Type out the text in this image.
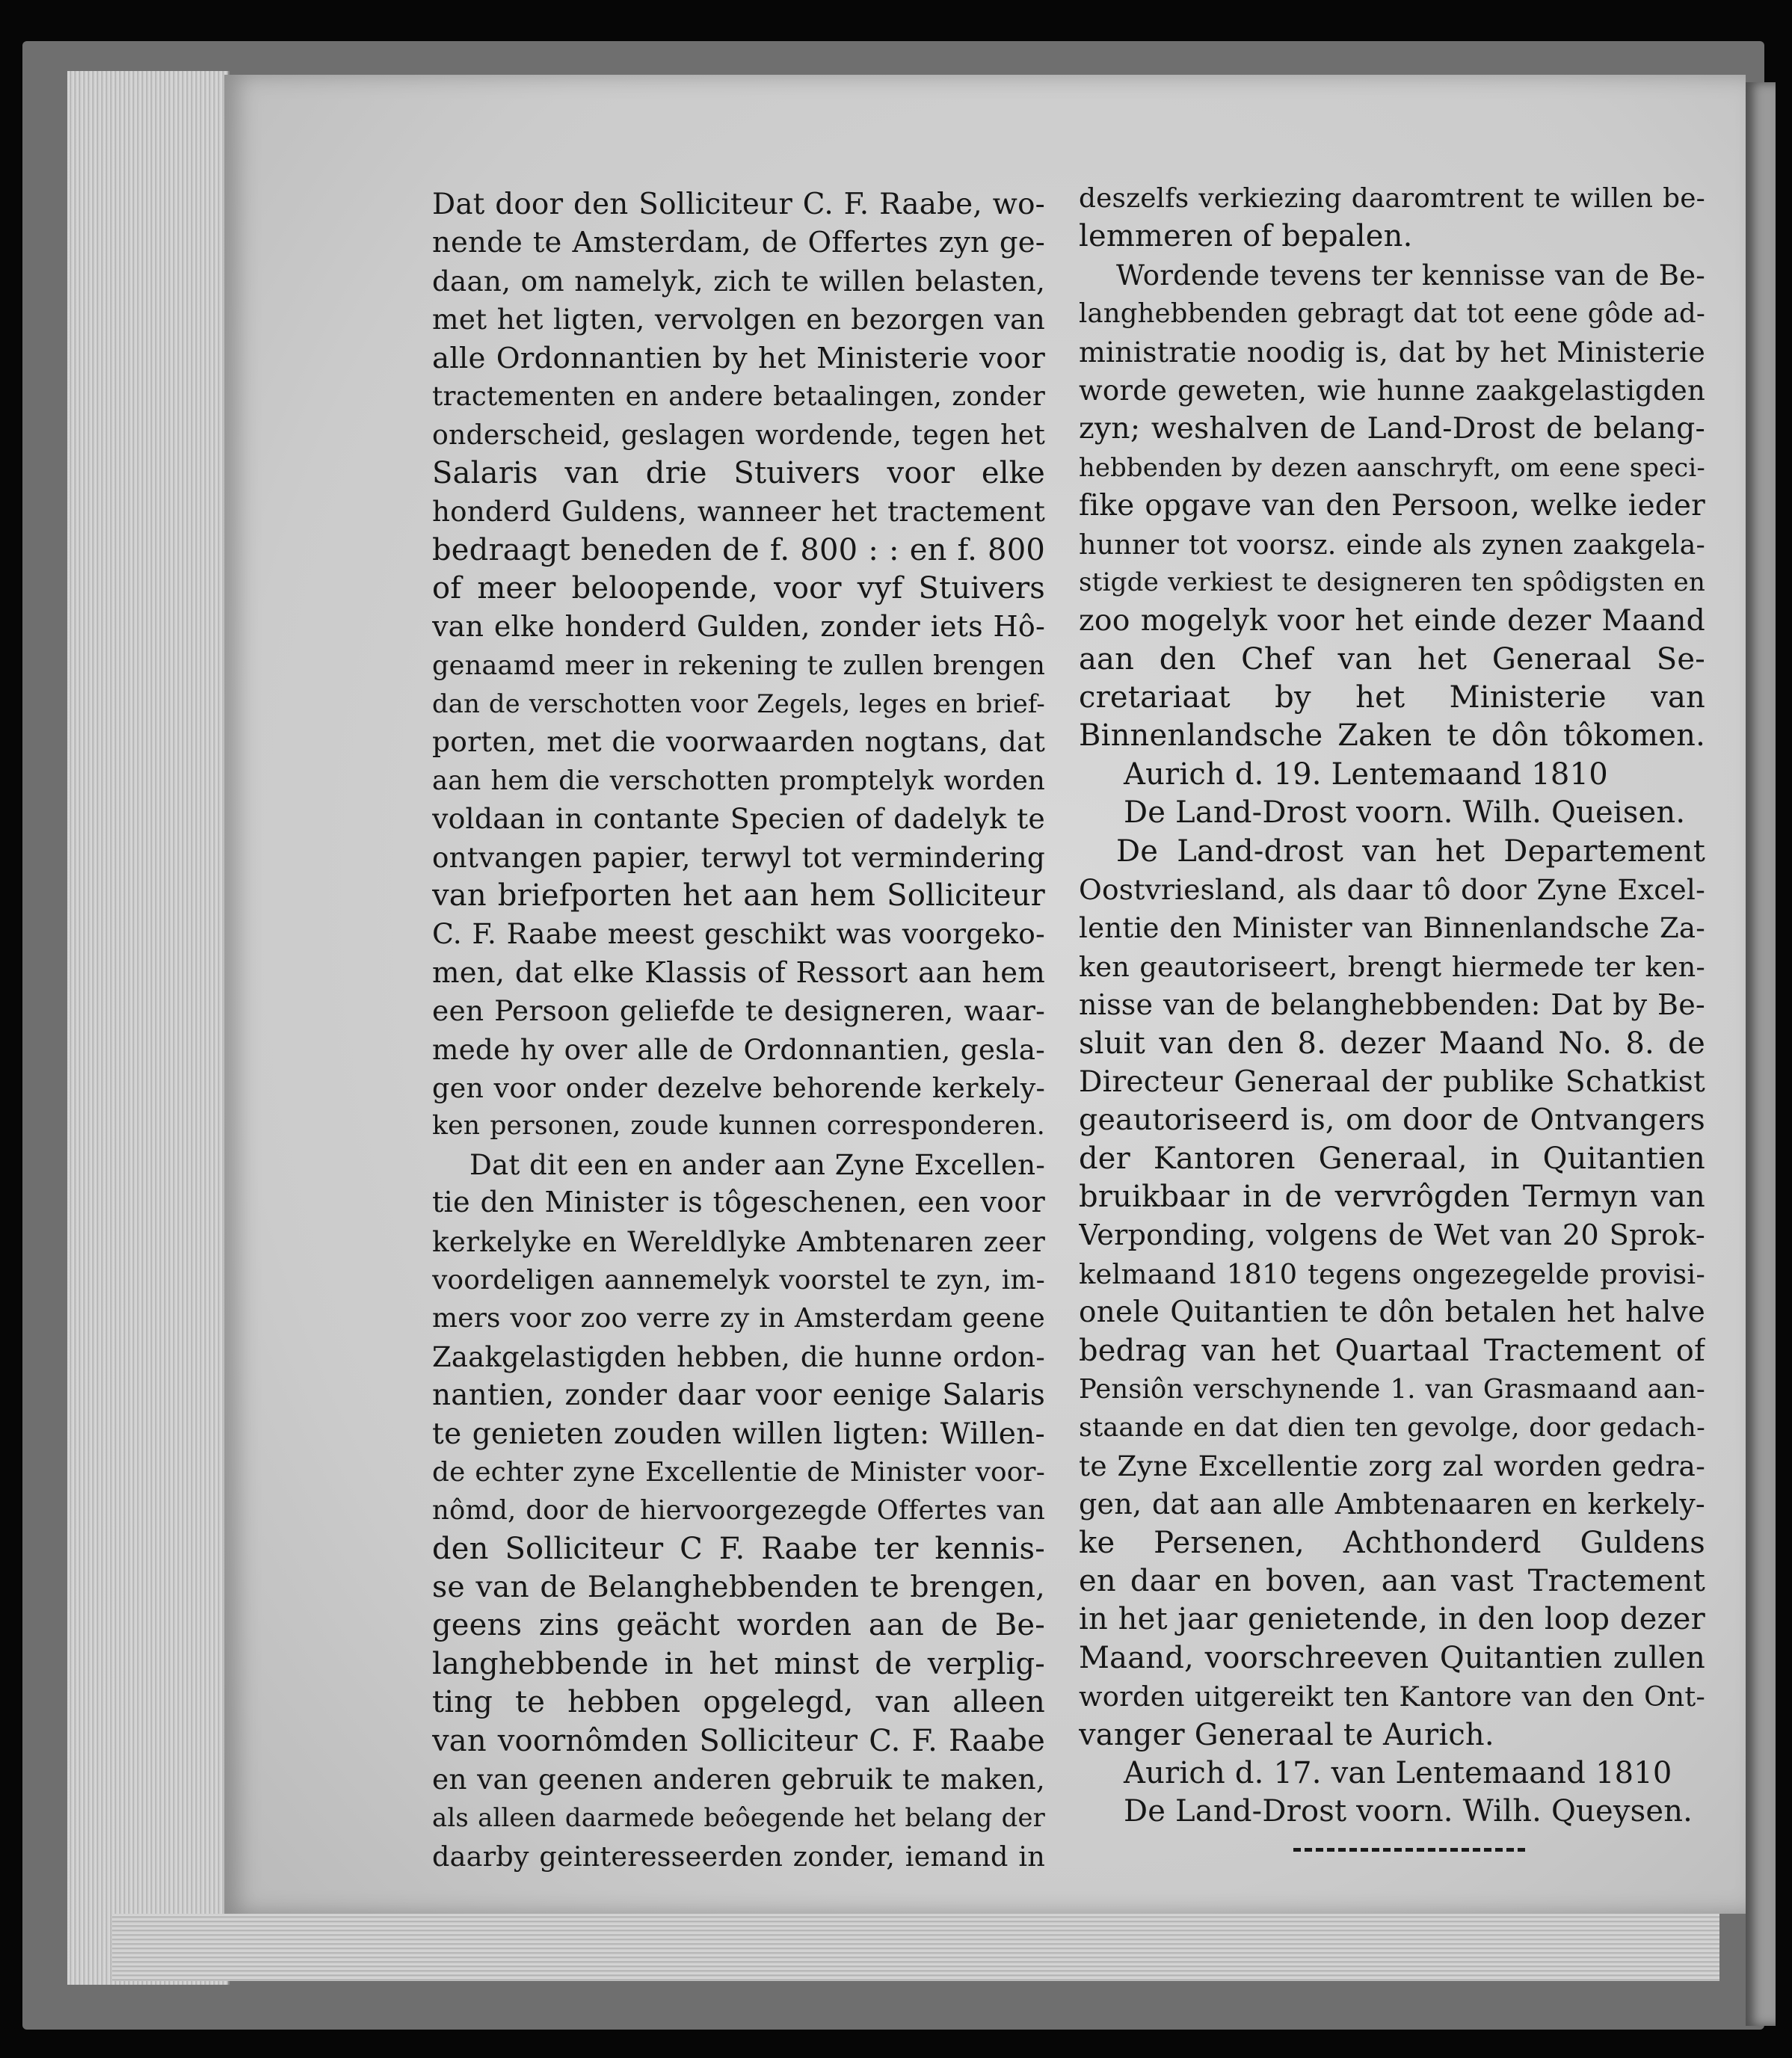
Dat door den Solliciteur C. F. Raabe, wo-
nende te Amsterdam, de Offertes zyn ge-
daan, om namelyk, zich te willen belasten,
met het ligten, vervolgen en bezorgen van
alle Ordonnantien by het Ministerie voor
tractementen en andere betaalingen, zonder
onderscheid, geslagen wordende, tegen het
Salaris van drie Stuivers voor elke
honderd Guldens, wanneer het tractement
bedraagt beneden de f. 800 : : en f. 800
of meer beloopende, voor vyf Stuivers
van elke honderd Gulden, zonder iets Hô-
genaamd meer in rekening te zullen brengen
dan de verschotten voor Zegels, leges en brief-
porten, met die voorwaarden nogtans, dat
aan hem die verschotten promptelyk worden
voldaan in contante Specien of dadelyk te
ontvangen papier, terwyl tot vermindering
van briefporten het aan hem Solliciteur
C. F. Raabe meest geschikt was voorgeko-
men, dat elke Klassis of Ressort aan hem
een Persoon geliefde te designeren, waar-
mede hy over alle de Ordonnantien, gesla-
gen voor onder dezelve behorende kerkely-
ken personen, zoude kunnen corresponderen.
Dat dit een en ander aan Zyne Excellen-
tie den Minister is tôgeschenen, een voor
kerkelyke en Wereldlyke Ambtenaren zeer
voordeligen aannemelyk voorstel te zyn, im-
mers voor zoo verre zy in Amsterdam geene
Zaakgelastigden hebben, die hunne ordon-
nantien, zonder daar voor eenige Salaris
te genieten zouden willen ligten: Willen-
de echter zyne Excellentie de Minister voor-
nômd, door de hiervoorgezegde Offertes van
den Solliciteur C F. Raabe ter kennis-
se van de Belanghebbenden te brengen,
geens zins geächt worden aan de Be-
langhebbende in het minst de verplig-
ting te hebben opgelegd, van alleen
van voornômden Solliciteur C. F. Raabe
en van geenen anderen gebruik te maken,
als alleen daarmede beôegende het belang der
daarby geinteresseerden zonder, iemand in
deszelfs verkiezing daaromtrent te willen be-
lemmeren of bepalen.
Wordende tevens ter kennisse van de Be-
langhebbenden gebragt dat tot eene gôde ad-
ministratie noodig is, dat by het Ministerie
worde geweten, wie hunne zaakgelastigden
zyn; weshalven de Land-Drost de belang-
hebbenden by dezen aanschryft, om eene speci-
fike opgave van den Persoon, welke ieder
hunner tot voorsz. einde als zynen zaakgela-
stigde verkiest te designeren ten spôdigsten en
zoo mogelyk voor het einde dezer Maand
aan den Chef van het Generaal Se-
cretariaat by het Ministerie van
Binnenlandsche Zaken te dôn tôkomen.
Aurich d. 19. Lentemaand 1810
De Land-Drost voorn. Wilh. Queisen.
De Land-drost van het Departement
Oostvriesland, als daar tô door Zyne Excel-
lentie den Minister van Binnenlandsche Za-
ken geautoriseert, brengt hiermede ter ken-
nisse van de belanghebbenden: Dat by Be-
sluit van den 8. dezer Maand No. 8. de
Directeur Generaal der publike Schatkist
geautoriseerd is, om door de Ontvangers
der Kantoren Generaal, in Quitantien
bruikbaar in de vervrôgden Termyn van
Verponding, volgens de Wet van 20 Sprok-
kelmaand 1810 tegens ongezegelde provisi-
onele Quitantien te dôn betalen het halve
bedrag van het Quartaal Tractement of
Pensiôn verschynende 1. van Grasmaand aan-
staande en dat dien ten gevolge, door gedach-
te Zyne Excellentie zorg zal worden gedra-
gen, dat aan alle Ambtenaaren en kerkely-
ke Persenen, Achthonderd Guldens
en daar en boven, aan vast Tractement
in het jaar genietende, in den loop dezer
Maand, voorschreeven Quitantien zullen
worden uitgereikt ten Kantore van den Ont-
vanger Generaal te Aurich.
Aurich d. 17. van Lentemaand 1810
De Land-Drost voorn. Wilh. Queysen.
